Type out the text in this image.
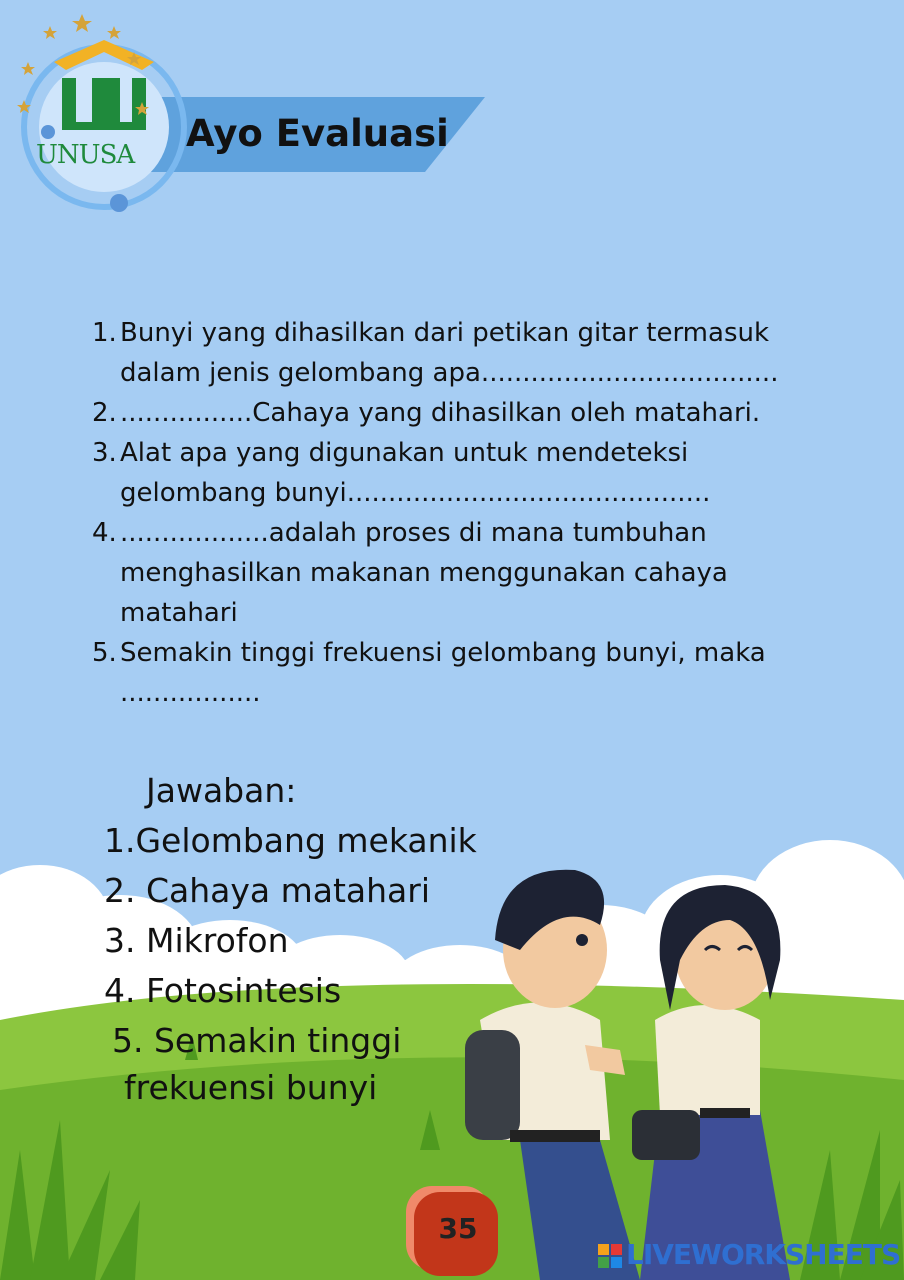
UNUSA Ayo Evaluasi
1. Bunyi yang dihasilkan dari petikan gitar termasuk dalam jenis gelombang apa....................................
2. ................Cahaya yang dihasilkan oleh matahari.
3. Alat apa yang digunakan untuk mendeteksi gelombang bunyi............................................
4. ..................adalah proses di mana tumbuhan menghasilkan makanan menggunakan cahaya matahari
5. Semakin tinggi frekuensi gelombang bunyi, maka .................
Jawaban:
1.Gelombang mekanik
2. Cahaya matahari
3. Mikrofon
4. Fotosintesis
5. Semakin tinggi
frekuensi bunyi
35
LIVEWORKSHEETS
